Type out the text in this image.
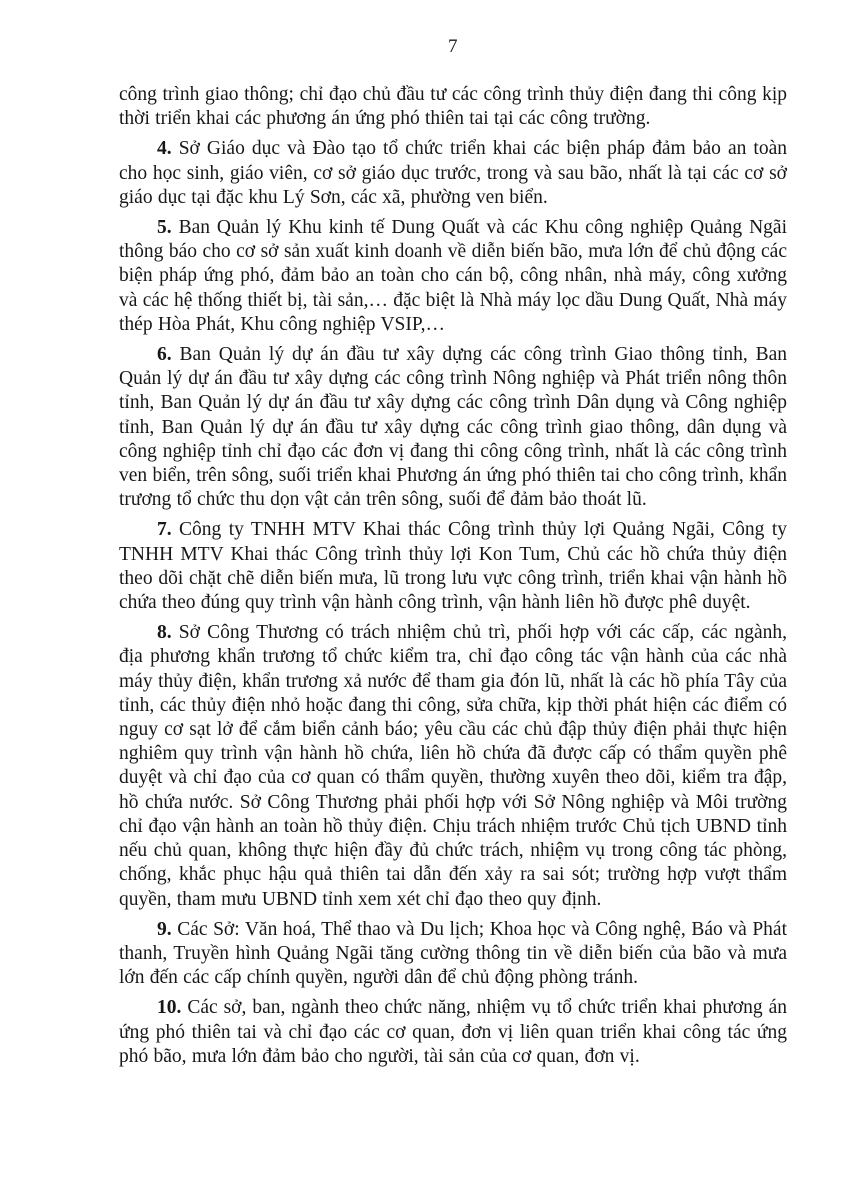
7

công trình giao thông; chỉ đạo chủ đầu tư các công trình thủy điện đang thi công kịp thời triển khai các phương án ứng phó thiên tai tại các công trường.

4. Sở Giáo dục và Đào tạo tổ chức triển khai các biện pháp đảm bảo an toàn cho học sinh, giáo viên, cơ sở giáo dục trước, trong và sau bão, nhất là tại các cơ sở giáo dục tại đặc khu Lý Sơn, các xã, phường ven biển.

5. Ban Quản lý Khu kinh tế Dung Quất và các Khu công nghiệp Quảng Ngãi thông báo cho cơ sở sản xuất kinh doanh về diễn biến bão, mưa lớn để chủ động các biện pháp ứng phó, đảm bảo an toàn cho cán bộ, công nhân, nhà máy, công xưởng và các hệ thống thiết bị, tài sản,… đặc biệt là Nhà máy lọc dầu Dung Quất, Nhà máy thép Hòa Phát, Khu công nghiệp VSIP,…

6. Ban Quản lý dự án đầu tư xây dựng các công trình Giao thông tỉnh, Ban Quản lý dự án đầu tư xây dựng các công trình Nông nghiệp và Phát triển nông thôn tỉnh, Ban Quản lý dự án đầu tư xây dựng các công trình Dân dụng và Công nghiệp tỉnh, Ban Quản lý dự án đầu tư xây dựng các công trình giao thông, dân dụng và công nghiệp tỉnh chỉ đạo các đơn vị đang thi công công trình, nhất là các công trình ven biển, trên sông, suối triển khai Phương án ứng phó thiên tai cho công trình, khẩn trương tổ chức thu dọn vật cản trên sông, suối để đảm bảo thoát lũ.

7. Công ty TNHH MTV Khai thác Công trình thủy lợi Quảng Ngãi, Công ty TNHH MTV Khai thác Công trình thủy lợi Kon Tum, Chủ các hồ chứa thủy điện theo dõi chặt chẽ diễn biến mưa, lũ trong lưu vực công trình, triển khai vận hành hồ chứa theo đúng quy trình vận hành công trình, vận hành liên hồ được phê duyệt.

8. Sở Công Thương có trách nhiệm chủ trì, phối hợp với các cấp, các ngành, địa phương khẩn trương tổ chức kiểm tra, chỉ đạo công tác vận hành của các nhà máy thủy điện, khẩn trương xả nước để tham gia đón lũ, nhất là các hồ phía Tây của tỉnh, các thủy điện nhỏ hoặc đang thi công, sửa chữa, kịp thời phát hiện các điểm có nguy cơ sạt lở để cắm biển cảnh báo; yêu cầu các chủ đập thủy điện phải thực hiện nghiêm quy trình vận hành hồ chứa, liên hồ chứa đã được cấp có thẩm quyền phê duyệt và chỉ đạo của cơ quan có thẩm quyền, thường xuyên theo dõi, kiểm tra đập, hồ chứa nước. Sở Công Thương phải phối hợp với Sở Nông nghiệp và Môi trường chỉ đạo vận hành an toàn hồ thủy điện. Chịu trách nhiệm trước Chủ tịch UBND tỉnh nếu chủ quan, không thực hiện đầy đủ chức trách, nhiệm vụ trong công tác phòng, chống, khắc phục hậu quả thiên tai dẫn đến xảy ra sai sót; trường hợp vượt thẩm quyền, tham mưu UBND tỉnh xem xét chỉ đạo theo quy định.

9. Các Sở: Văn hoá, Thể thao và Du lịch; Khoa học và Công nghệ, Báo và Phát thanh, Truyền hình Quảng Ngãi tăng cường thông tin về diễn biến của bão và mưa lớn đến các cấp chính quyền, người dân để chủ động phòng tránh.

10. Các sở, ban, ngành theo chức năng, nhiệm vụ tổ chức triển khai phương án ứng phó thiên tai và chỉ đạo các cơ quan, đơn vị liên quan triển khai công tác ứng phó bão, mưa lớn đảm bảo cho người, tài sản của cơ quan, đơn vị.
